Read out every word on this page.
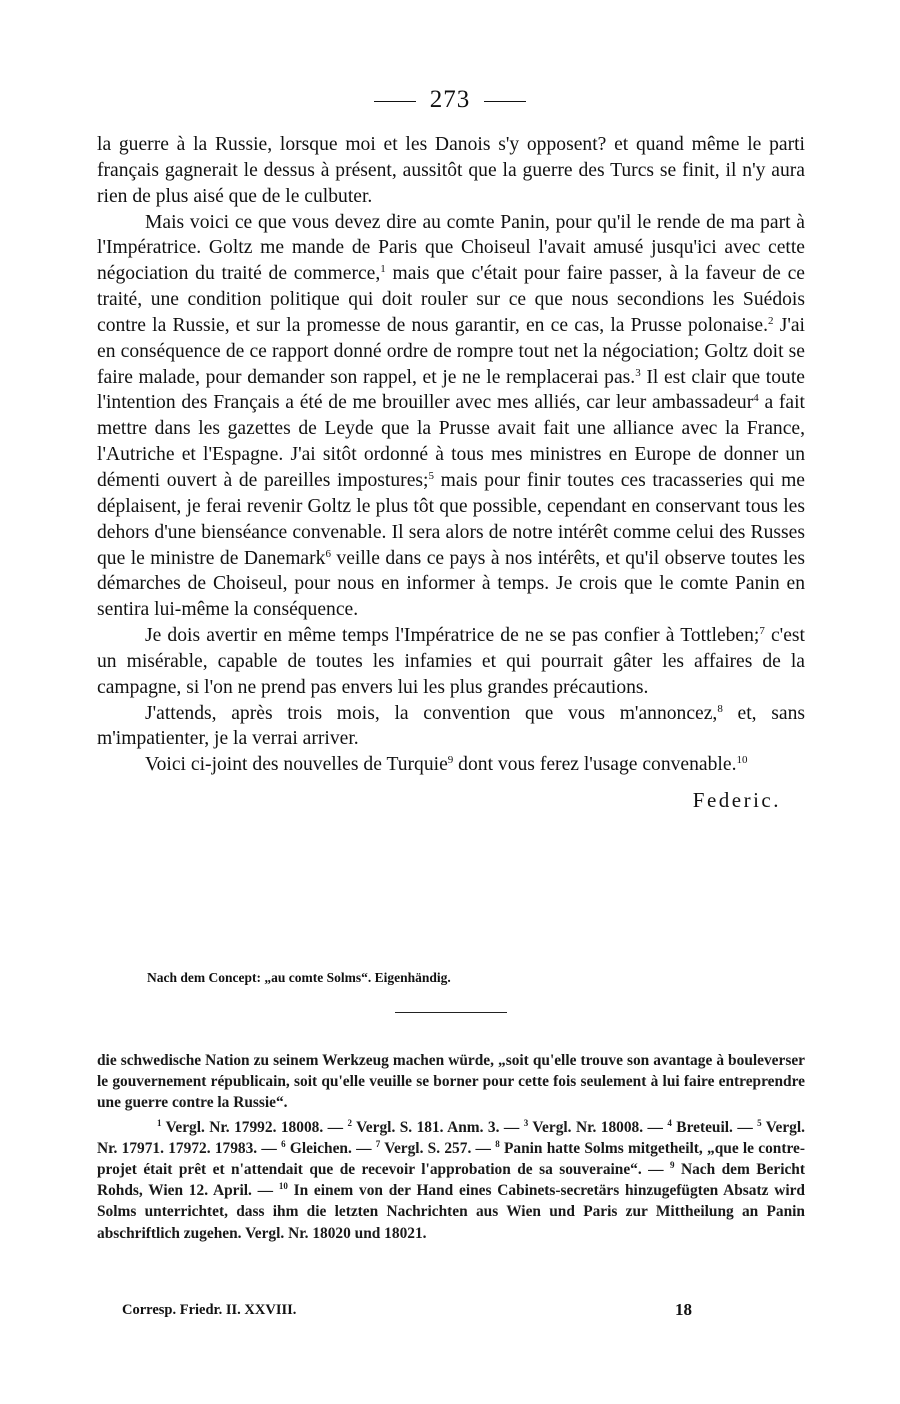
273

la guerre à la Russie, lorsque moi et les Danois s'y opposent? et quand même le parti français gagnerait le dessus à présent, aussitôt que la guerre des Turcs se finit, il n'y aura rien de plus aisé que de le culbuter.

Mais voici ce que vous devez dire au comte Panin, pour qu'il le rende de ma part à l'Impératrice. Goltz me mande de Paris que Choiseul l'avait amusé jusqu'ici avec cette négociation du traité de commerce,$^1$ mais que c'était pour faire passer, à la faveur de ce traité, une condition politique qui doit rouler sur ce que nous secondions les Suédois contre la Russie, et sur la promesse de nous garantir, en ce cas, la Prusse polonaise.$^2$ J'ai en conséquence de ce rapport donné ordre de rompre tout net la négociation; Goltz doit se faire malade, pour demander son rappel, et je ne le remplacerai pas.$^3$ Il est clair que toute l'intention des Français a été de me brouiller avec mes alliés, car leur ambassadeur$^4$ a fait mettre dans les gazettes de Leyde que la Prusse avait fait une alliance avec la France, l'Autriche et l'Espagne. J'ai sitôt ordonné à tous mes ministres en Europe de donner un démenti ouvert à de pareilles impostures;$^5$ mais pour finir toutes ces tracasseries qui me déplaisent, je ferai revenir Goltz le plus tôt que possible, cependant en conservant tous les dehors d'une bienséance convenable. Il sera alors de notre intérêt comme celui des Russes que le ministre de Danemark$^6$ veille dans ce pays à nos intérêts, et qu'il observe toutes les démarches de Choiseul, pour nous en informer à temps. Je crois que le comte Panin en sentira lui-même la conséquence.

Je dois avertir en même temps l'Impératrice de ne se pas confier à Tottleben;$^7$ c'est un misérable, capable de toutes les infamies et qui pourrait gâter les affaires de la campagne, si l'on ne prend pas envers lui les plus grandes précautions.

J'attends, après trois mois, la convention que vous m'annoncez,$^8$ et, sans m'impatienter, je la verrai arriver.

Voici ci-joint des nouvelles de Turquie$^9$ dont vous ferez l'usage convenable.$^{10}$

Federic.
Nach dem Concept: „au comte Solms“. Eigenhändig.

die schwedische Nation zu seinem Werkzeug machen würde, „soit qu'elle trouve son avantage à bouleverser le gouvernement républicain, soit qu'elle veuille se borner pour cette fois seulement à lui faire entreprendre une guerre contre la Russie“.

$^1$ Vergl. Nr. 17992. 18008. — $^2$ Vergl. S. 181. Anm. 3. — $^3$ Vergl. Nr. 18008. — $^4$ Breteuil. — $^5$ Vergl. Nr. 17971. 17972. 17983. — $^6$ Gleichen. — $^7$ Vergl. S. 257. — $^8$ Panin hatte Solms mitgetheilt, „que le contre-projet était prêt et n'attendait que de recevoir l'approbation de sa souveraine“. — $^9$ Nach dem Bericht Rohds, Wien 12. April. — $^{10}$ In einem von der Hand eines Cabinets-secretärs hinzugefügten Absatz wird Solms unterrichtet, dass ihm die letzten Nachrichten aus Wien und Paris zur Mittheilung an Panin abschriftlich zugehen. Vergl. Nr. 18020 und 18021.

Corresp. Friedr. II. XXVIII.	18
